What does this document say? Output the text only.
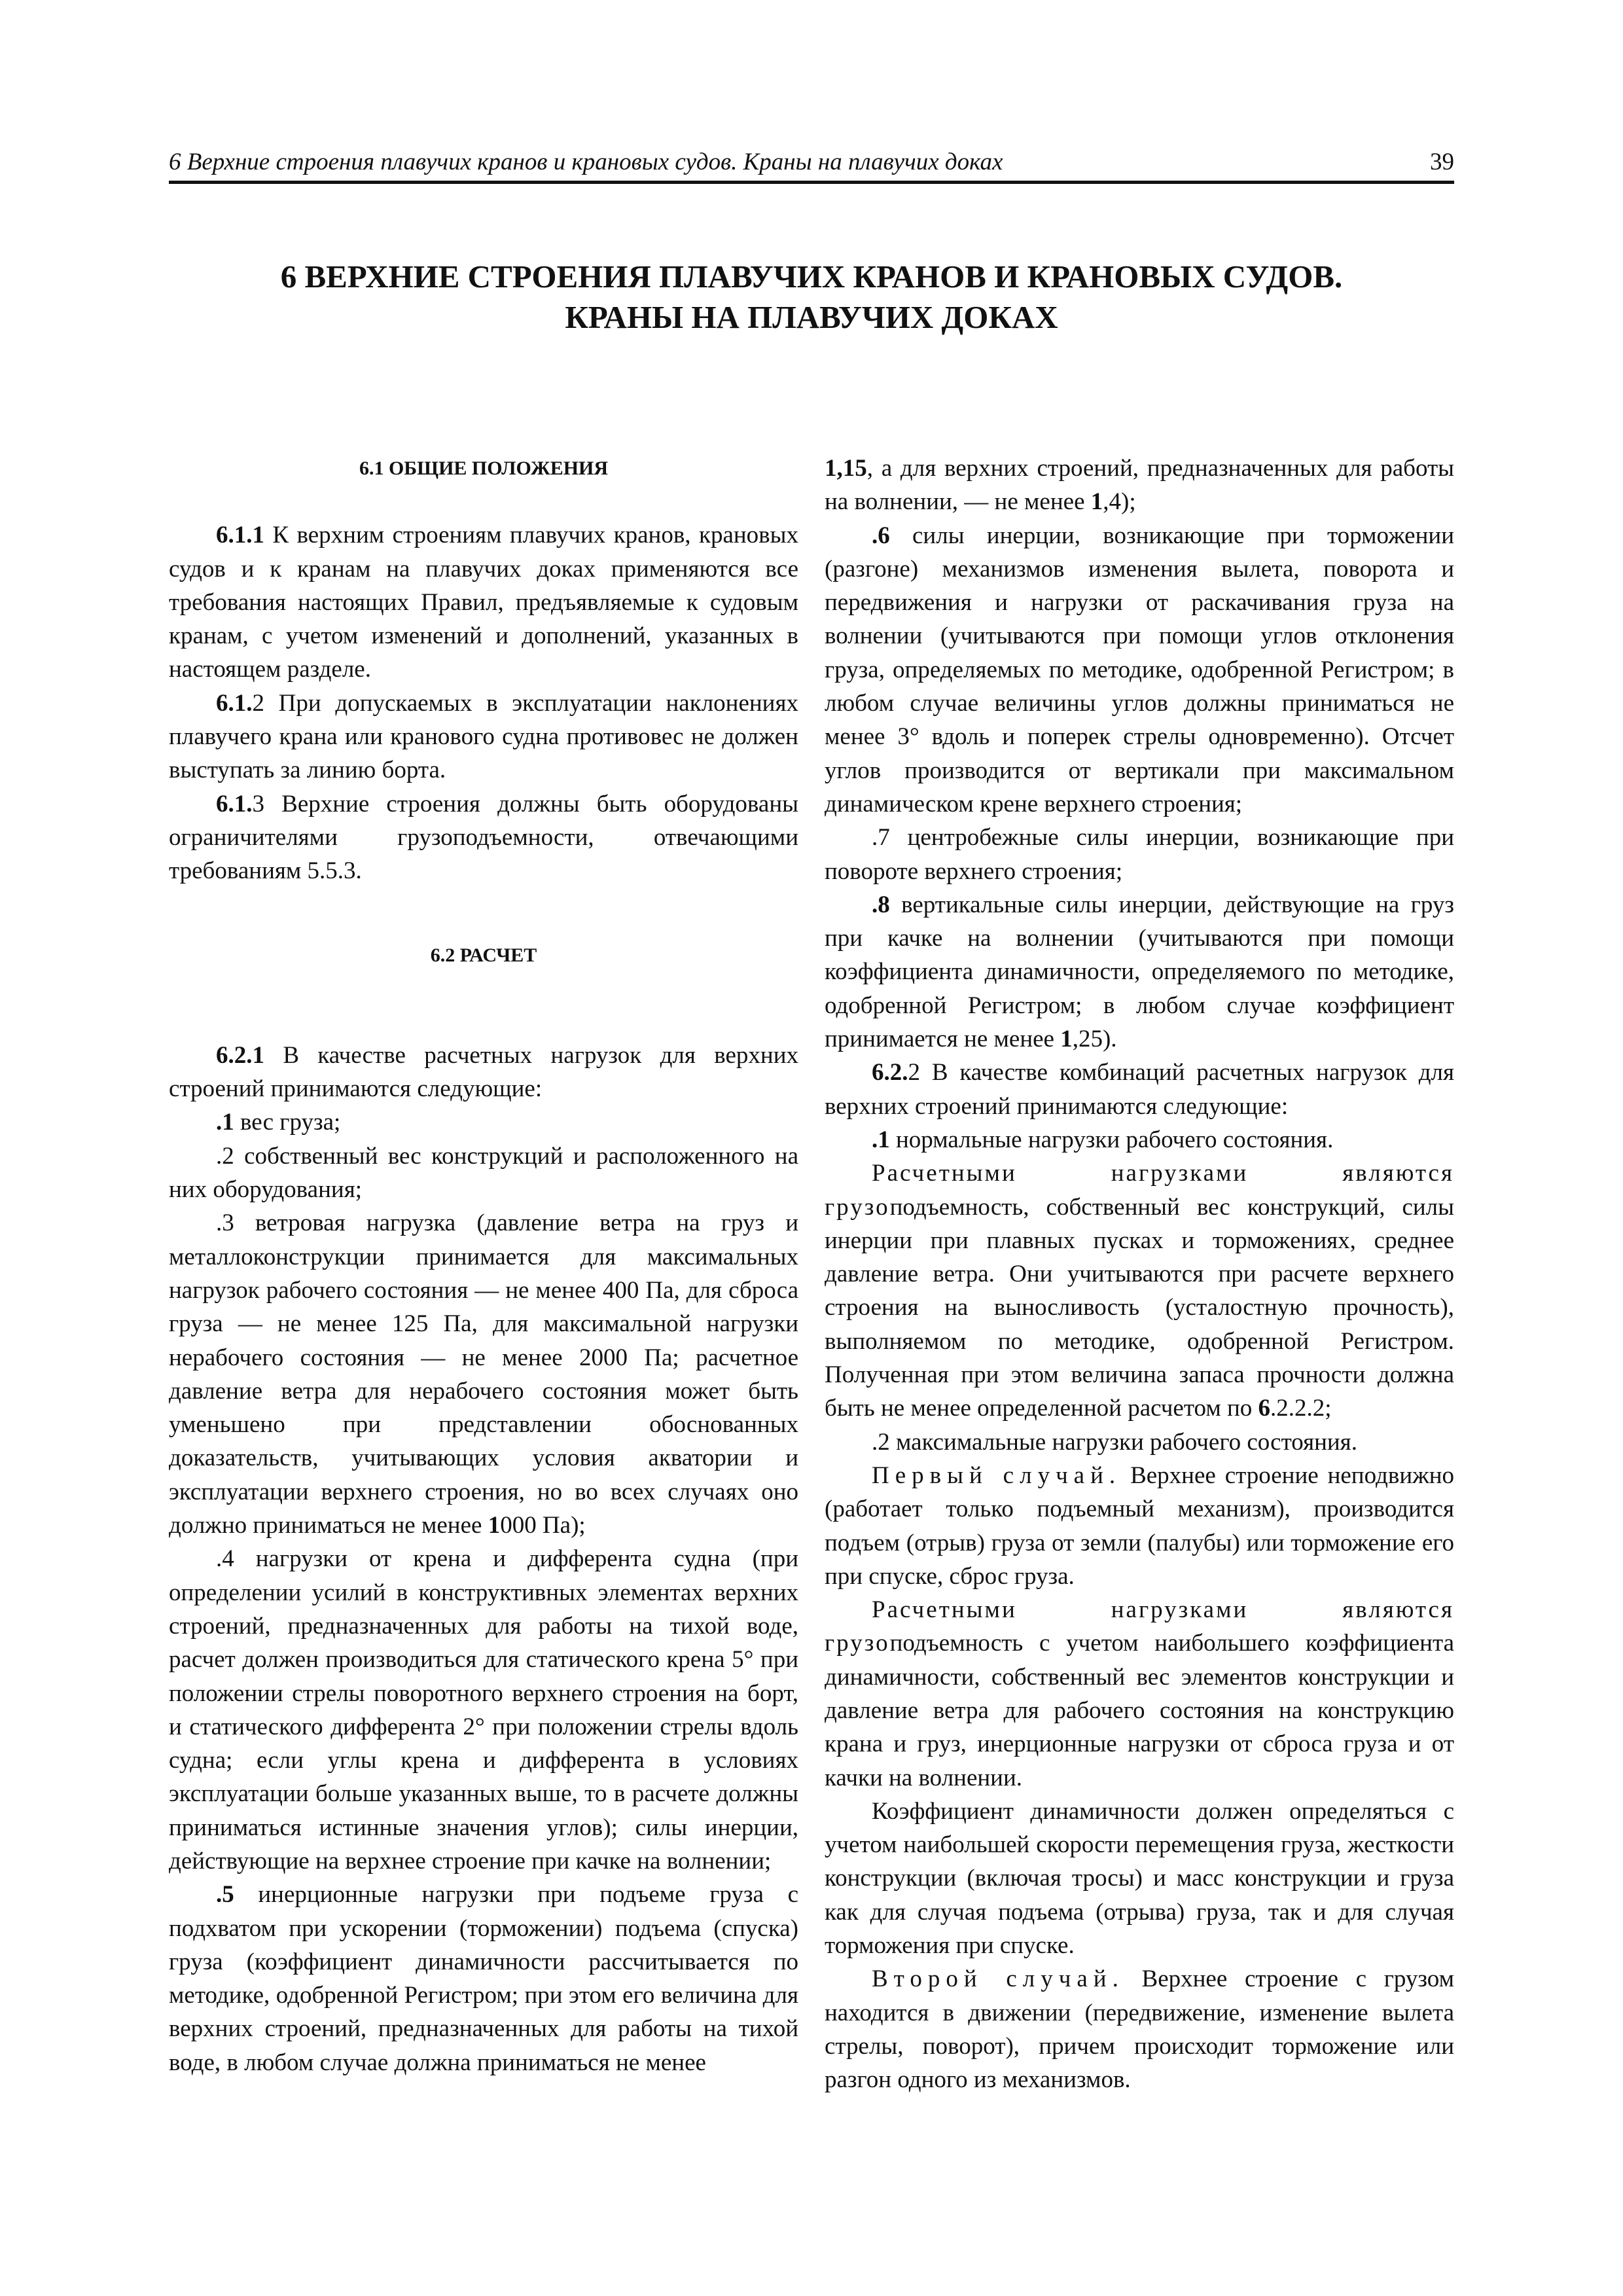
6 Верхние строения плавучих кранов и крановых судов. Краны на плавучих доках	39
6 ВЕРХНИЕ СТРОЕНИЯ ПЛАВУЧИХ КРАНОВ И КРАНОВЫХ СУДОВ.
КРАНЫ НА ПЛАВУЧИХ ДОКАХ

6.1 ОБЩИЕ ПОЛОЖЕНИЯ

6.1.1 К верхним строениям плавучих кранов, крановых судов и к кранам на плавучих доках применяются все требования настоящих Правил, предъявляемые к судовым кранам, с учетом изменений и дополнений, указанных в настоящем разделе.

6.1.2 При допускаемых в эксплуатации наклонениях плавучего крана или кранового судна противовес не должен выступать за линию борта.

6.1.3 Верхние строения должны быть оборудованы ограничителями грузоподъемности, отвечающими требованиям 5.5.3.

6.2 РАСЧЕТ

6.2.1 В качестве расчетных нагрузок для верхних строений принимаются следующие:

.1 вес груза;

.2 собственный вес конструкций и расположенного на них оборудования;

.3 ветровая нагрузка (давление ветра на груз и металлоконструкции принимается для максимальных нагрузок рабочего состояния — не менее 400 Па, для сброса груза — не менее 125 Па, для максимальной нагрузки нерабочего состояния — не менее 2000 Па; расчетное давление ветра для нерабочего состояния может быть уменьшено при представлении обоснованных доказательств, учитывающих условия акватории и эксплуатации верхнего строения, но во всех случаях оно должно приниматься не менее 1000 Па);

.4 нагрузки от крена и дифферента судна (при определении усилий в конструктивных элементах верхних строений, предназначенных для работы на тихой воде, расчет должен производиться для статического крена 5° при положении стрелы поворотного верхнего строения на борт, и статического дифферента 2° при положении стрелы вдоль судна; если углы крена и дифферента в условиях эксплуатации больше указанных выше, то в расчете должны приниматься истинные значения углов); силы инерции, действующие на верхнее строение при качке на волнении;

.5 инерционные нагрузки при подъеме груза с подхватом при ускорении (торможении) подъема (спуска) груза (коэффициент динамичности рассчитывается по методике, одобренной Регистром; при этом его величина для верхних строений, предназначенных для работы на тихой воде, в любом случае должна приниматься не менее

1,15, а для верхних строений, предназначенных для работы на волнении, — не менее 1,4);

.6 силы инерции, возникающие при торможении (разгоне) механизмов изменения вылета, поворота и передвижения и нагрузки от раскачивания груза на волнении (учитываются при помощи углов отклонения груза, определяемых по методике, одобренной Регистром; в любом случае величины углов должны приниматься не менее 3° вдоль и поперек стрелы одновременно). Отсчет углов производится от вертикали при максимальном динамическом крене верхнего строения;

.7 центробежные силы инерции, возникающие при повороте верхнего строения;

.8 вертикальные силы инерции, действующие на груз при качке на волнении (учитываются при помощи коэффициента динамичности, определяемого по методике, одобренной Регистром; в любом случае коэффициент принимается не менее 1,25).

6.2.2 В качестве комбинаций расчетных нагрузок для верхних строений принимаются следующие:

.1 нормальные нагрузки рабочего состояния.

Расчетными нагрузками являются грузоподъемность, собственный вес конструкций, силы инерции при плавных пусках и торможениях, среднее давление ветра. Они учитываются при расчете верхнего строения на выносливость (усталостную прочность), выполняемом по методике, одобренной Регистром. Полученная при этом величина запаса прочности должна быть не менее определенной расчетом по 6.2.2.2;

.2 максимальные нагрузки рабочего состояния.

Первый случай. Верхнее строение неподвижно (работает только подъемный механизм), производится подъем (отрыв) груза от земли (палубы) или торможение его при спуске, сброс груза.

Расчетными нагрузками являются грузоподъемность с учетом наибольшего коэффициента динамичности, собственный вес элементов конструкции и давление ветра для рабочего состояния на конструкцию крана и груз, инерционные нагрузки от сброса груза и от качки на волнении.

Коэффициент динамичности должен определяться с учетом наибольшей скорости перемещения груза, жесткости конструкции (включая тросы) и масс конструкции и груза как для случая подъема (отрыва) груза, так и для случая торможения при спуске.

Второй случай. Верхнее строение с грузом находится в движении (передвижение, изменение вылета стрелы, поворот), причем происходит торможение или разгон одного из механизмов.
